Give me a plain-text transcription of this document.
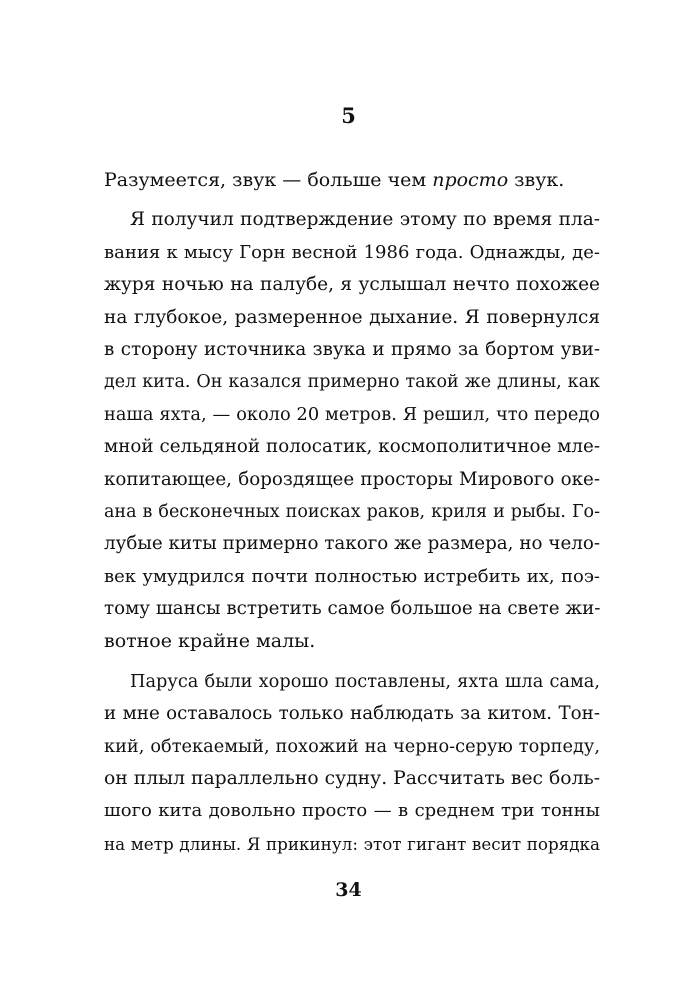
5
Разумеется, звук — больше чем просто звук.
Я получил подтверждение этому по время пла-
вания к мысу Горн весной 1986 года. Однажды, де-
журя ночью на палубе, я услышал нечто похожее
на глубокое, размеренное дыхание. Я повернулся
в сторону источника звука и прямо за бортом уви-
дел кита. Он казался примерно такой же длины, как
наша яхта, — около 20 метров. Я решил, что передо
мной сельдяной полосатик, космополитичное мле-
копитающее, бороздящее просторы Мирового оке-
ана в бесконечных поисках раков, криля и рыбы. Го-
лубые киты примерно такого же размера, но чело-
век умудрился почти полностью истребить их, поэ-
тому шансы встретить самое большое на свете жи-
вотное крайне малы.
Паруса были хорошо поставлены, яхта шла сама,
и мне оставалось только наблюдать за китом. Тон-
кий, обтекаемый, похожий на черно-серую торпеду,
он плыл параллельно судну. Рассчитать вес боль-
шого кита довольно просто — в среднем три тонны
на метр длины. Я прикинул: этот гигант весит порядка
34
